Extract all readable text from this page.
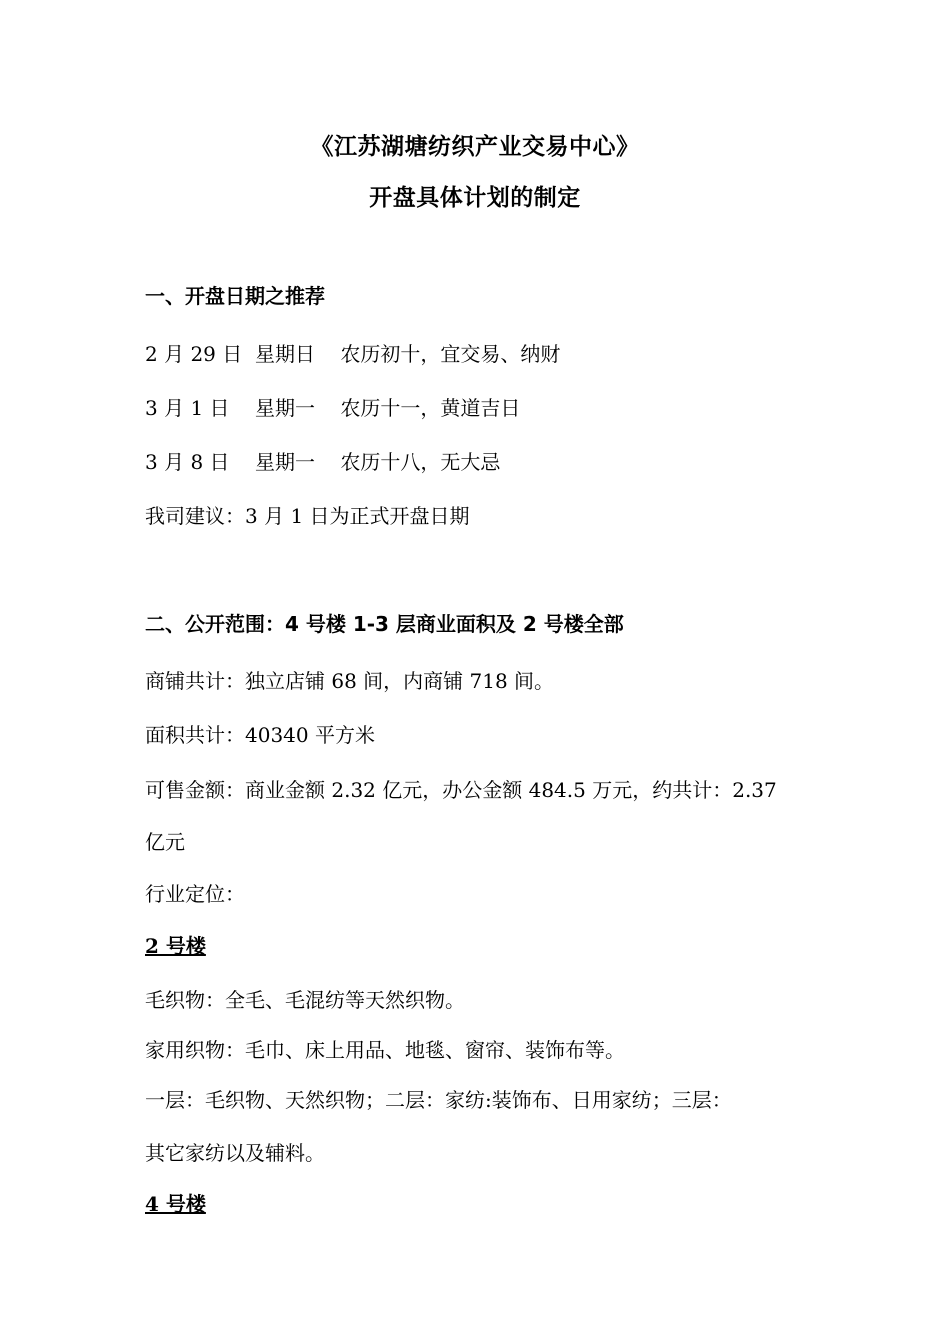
《江苏湖塘纺织产业交易中心》
开盘具体计划的制定
一、开盘日期之推荐
2 月 29 日  星期日    农历初十，宜交易、纳财
3 月 1 日    星期一    农历十一，黄道吉日
3 月 8 日    星期一    农历十八，无大忌
我司建议：3 月 1 日为正式开盘日期
二、公开范围：4 号楼 1-3 层商业面积及 2 号楼全部
商铺共计：独立店铺 68 间，内商铺 718 间。
面积共计：40340 平方米
可售金额：商业金额 2.32 亿元，办公金额 484.5 万元，约共计：2.37
亿元
行业定位：
2 号楼
毛织物：全毛、毛混纺等天然织物。
家用织物：毛巾、床上用品、地毯、窗帘、装饰布等。
一层：毛织物、天然织物；二层：家纺:装饰布、日用家纺；三层：
其它家纺以及辅料。
4 号楼
